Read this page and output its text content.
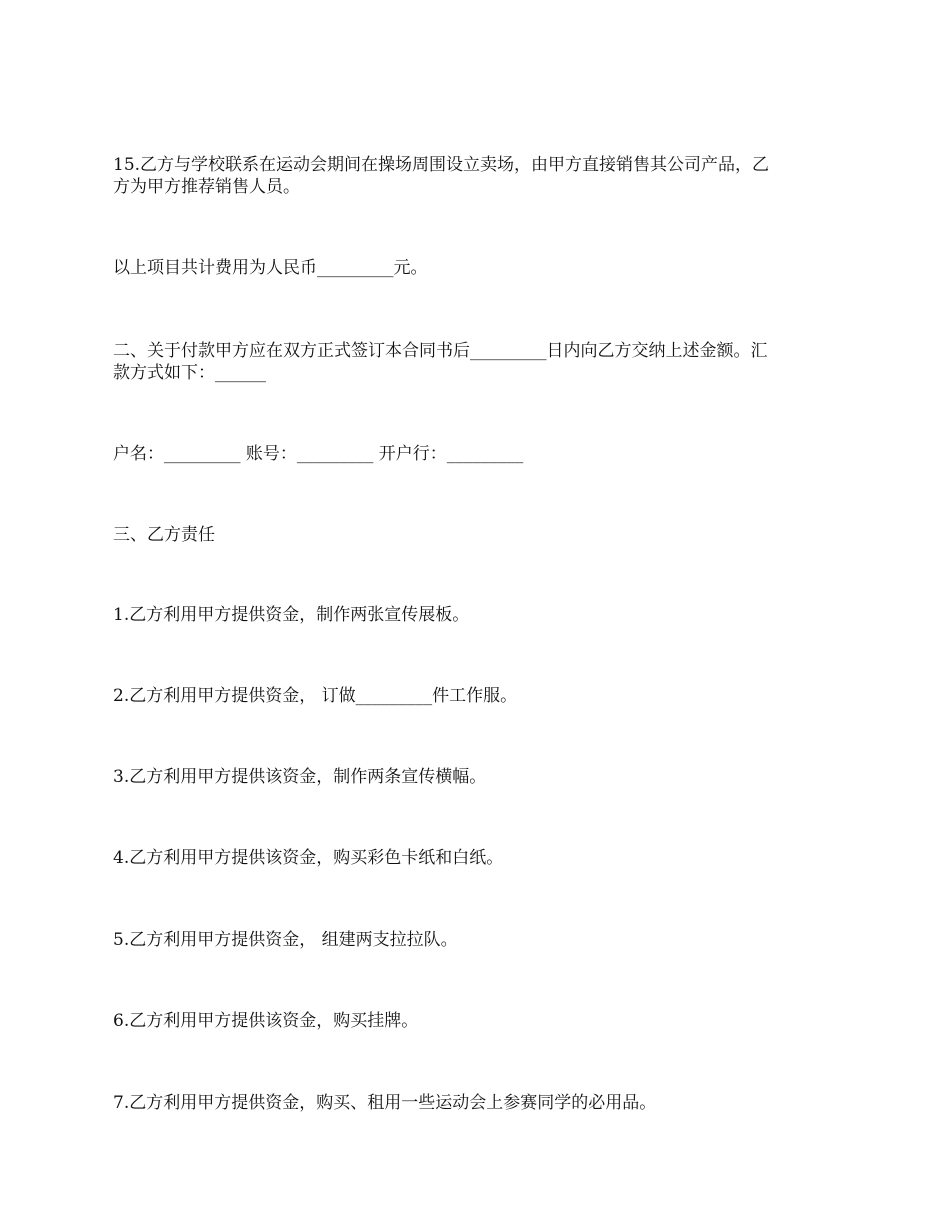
15.乙方与学校联系在运动会期间在操场周围设立卖场，由甲方直接销售其公司产品，乙
方为甲方推荐销售人员。

以上项目共计费用为人民币_________元。

二、关于付款甲方应在双方正式签订本合同书后_________日内向乙方交纳上述金额。汇
款方式如下：______

户名：_________ 账号：_________ 开户行：_________

三、乙方责任

1.乙方利用甲方提供资金，制作两张宣传展板。

2.乙方利用甲方提供资金， 订做_________件工作服。

3.乙方利用甲方提供该资金，制作两条宣传横幅。

4.乙方利用甲方提供该资金，购买彩色卡纸和白纸。

5.乙方利用甲方提供资金， 组建两支拉拉队。

6.乙方利用甲方提供该资金，购买挂牌。

7.乙方利用甲方提供资金，购买、租用一些运动会上参赛同学的必用品。
